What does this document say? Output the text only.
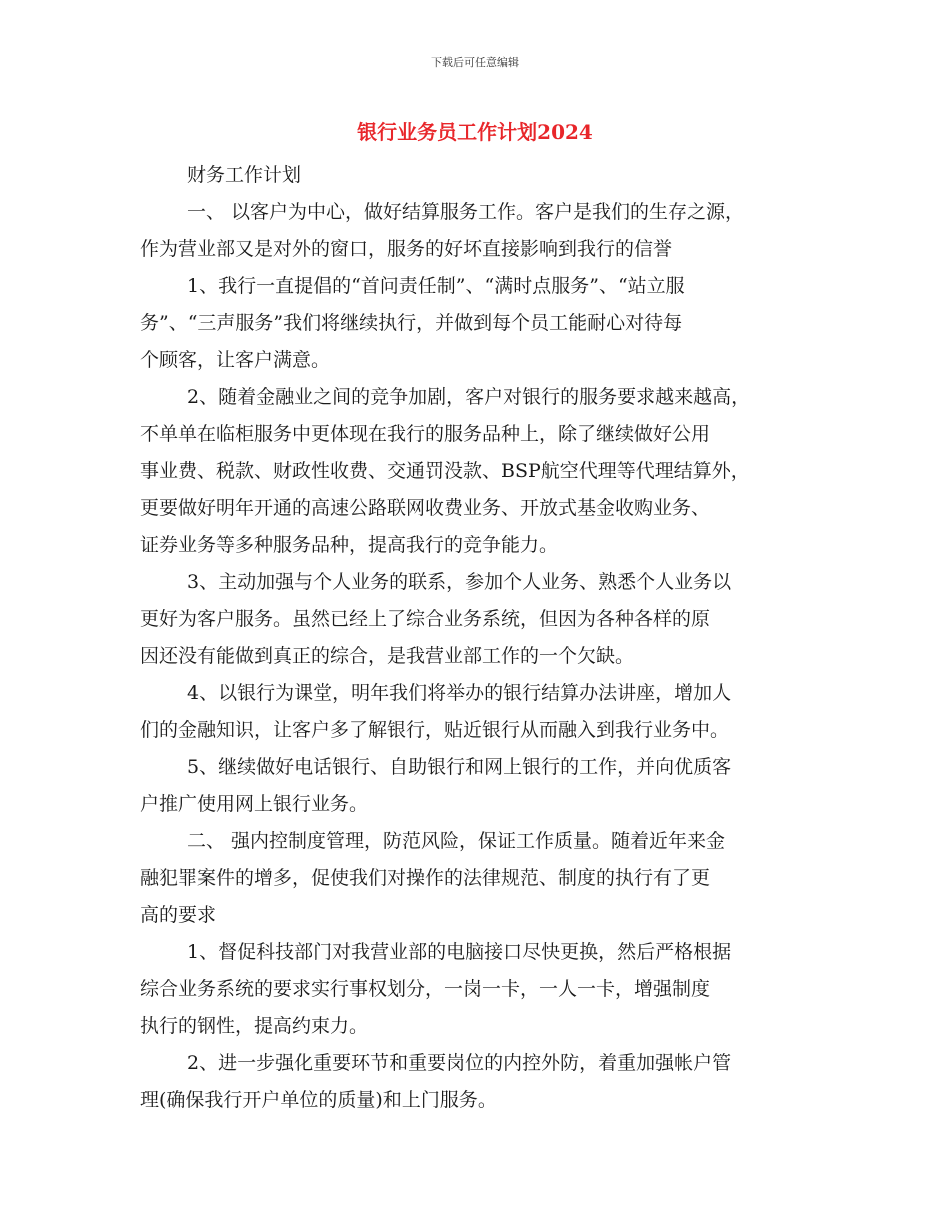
下载后可任意编辑
银行业务员工作计划2024

财务工作计划

一、 以客户为中心，做好结算服务工作。客户是我们的生存之源，
作为营业部又是对外的窗口，服务的好坏直接影响到我行的信誉

1、我行一直提倡的“首问责任制”、“满时点服务”、“站立服
务”、“三声服务”我们将继续执行，并做到每个员工能耐心对待每
个顾客，让客户满意。

2、随着金融业之间的竞争加剧，客户对银行的服务要求越来越高，
不单单在临柜服务中更体现在我行的服务品种上，除了继续做好公用
事业费、税款、财政性收费、交通罚没款、BSP航空代理等代理结算外，
更要做好明年开通的高速公路联网收费业务、开放式基金收购业务、
证券业务等多种服务品种，提高我行的竞争能力。

3、主动加强与个人业务的联系，参加个人业务、熟悉个人业务以
更好为客户服务。虽然已经上了综合业务系统，但因为各种各样的原
因还没有能做到真正的综合，是我营业部工作的一个欠缺。

4、以银行为课堂，明年我们将举办的银行结算办法讲座，增加人
们的金融知识，让客户多了解银行，贴近银行从而融入到我行业务中。

5、继续做好电话银行、自助银行和网上银行的工作，并向优质客
户推广使用网上银行业务。

二、 强内控制度管理，防范风险，保证工作质量。随着近年来金
融犯罪案件的增多，促使我们对操作的法律规范、制度的执行有了更
高的要求

1、督促科技部门对我营业部的电脑接口尽快更换，然后严格根据
综合业务系统的要求实行事权划分，一岗一卡，一人一卡，增强制度
执行的钢性，提高约束力。

2、进一步强化重要环节和重要岗位的内控外防，着重加强帐户管
理(确保我行开户单位的质量)和上门服务。
